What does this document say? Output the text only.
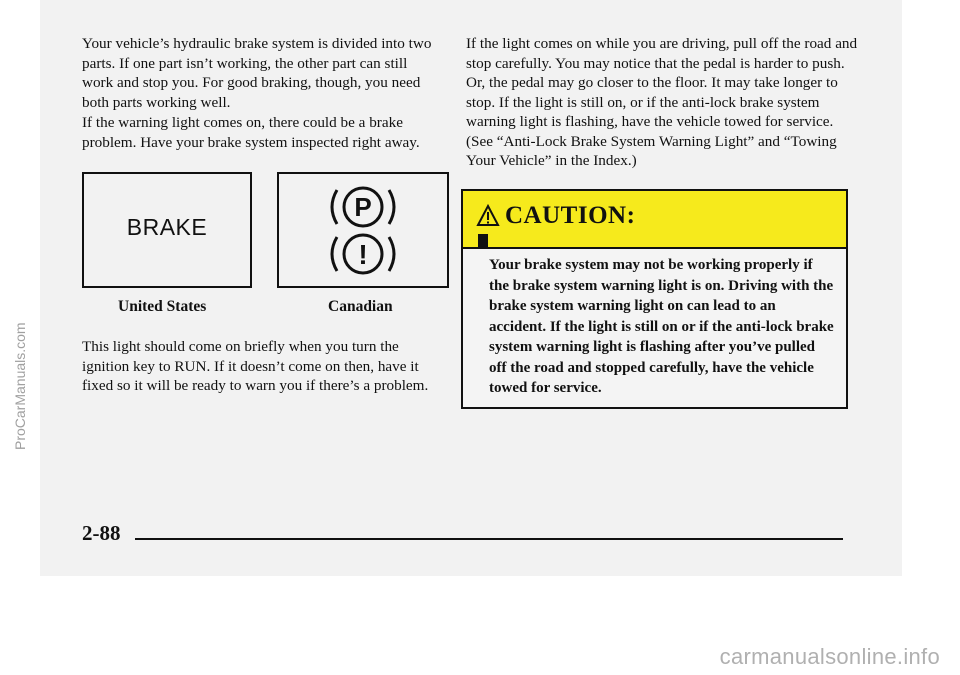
Your vehicle’s hydraulic brake system is divided into two parts. If one part isn’t working, the other part can still work and stop you. For good braking, though, you need both parts working well.

If the warning light comes on, there could be a brake problem. Have your brake system inspected right away.

BRAKE
P
!
United States	Canadian

This light should come on briefly when you turn the ignition key to RUN. If it doesn’t come on then, have it fixed so it will be ready to warn you if there’s a problem.

If the light comes on while you are driving, pull off the road and stop carefully. You may notice that the pedal is harder to push. Or, the pedal may go closer to the floor. It may take longer to stop. If the light is still on, or if the anti-lock brake system warning light is flashing, have the vehicle towed for service. (See “Anti-Lock Brake System Warning Light” and “Towing Your Vehicle” in the Index.)

CAUTION:

Your brake system may not be working properly if the brake system warning light is on. Driving with the brake system warning light on can lead to an accident. If the light is still on or if the anti-lock brake system warning light is flashing after you’ve pulled off the road and stopped carefully, have the vehicle towed for service.

2-88
ProCarManuals.com
carmanualsonline.info
